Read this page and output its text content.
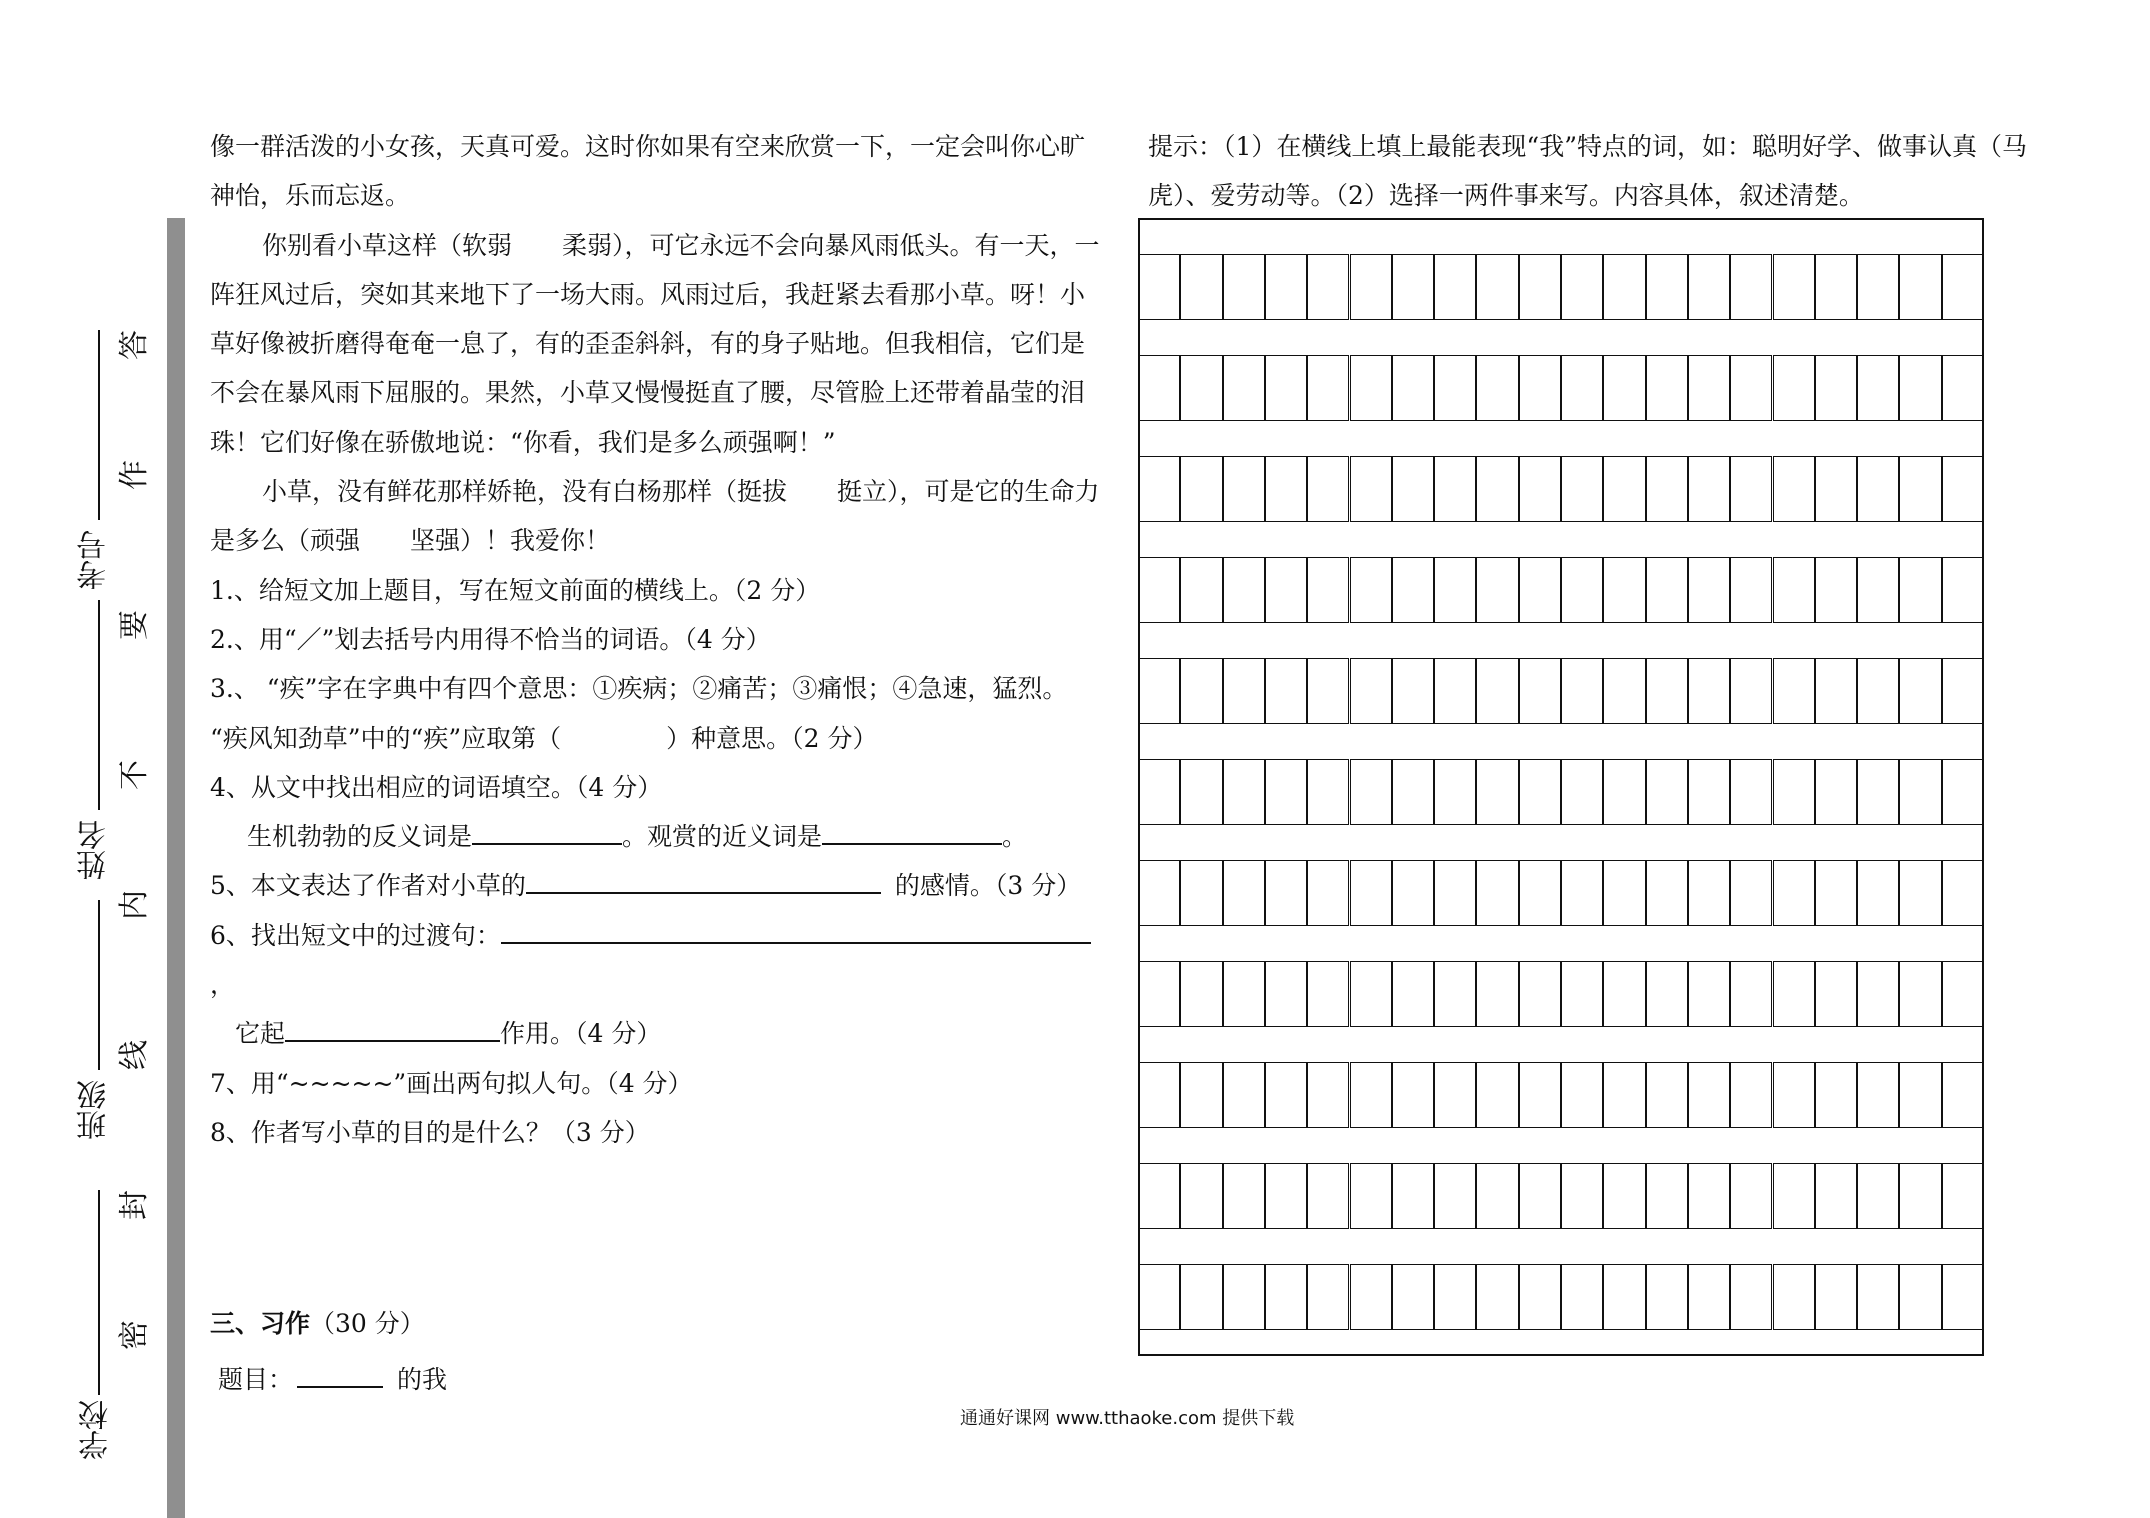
学校
班级
姓名
考号
答
作
要
不
内
线
封
密

像一群活泼的小女孩，天真可爱。这时你如果有空来欣赏一下，一定会叫你心旷

神怡，乐而忘返。

你别看小草这样（软弱　　柔弱），可它永远不会向暴风雨低头。有一天，一

阵狂风过后，突如其来地下了一场大雨。风雨过后，我赶紧去看那小草。呀！小

草好像被折磨得奄奄一息了，有的歪歪斜斜，有的身子贴地。但我相信，它们是

不会在暴风雨下屈服的。果然，小草又慢慢挺直了腰，尽管脸上还带着晶莹的泪

珠！它们好像在骄傲地说：“你看，我们是多么顽强啊！”

小草，没有鲜花那样娇艳，没有白杨那样（挺拔　　挺立），可是它的生命力

是多么（顽强　　坚强）！我爱你！

1.、给短文加上题目，写在短文前面的横线上。（2 分）

2.、用“／”划去括号内用得不恰当的词语。（4 分）

3.、 “疾”字在字典中有四个意思：①疾病；②痛苦；③痛恨；④急速，猛烈。

“疾风知劲草”中的“疾”应取第（	）种意思。（2 分）

4、从文中找出相应的词语填空。（4 分）

生机勃勃的反义词是	。观赏的近义词是	。

5、本文表达了作者对小草的	的感情。（3 分）

6、找出短文中的过渡句：，

它起	作用。（4 分）

7、用“~~~~~”画出两句拟人句。（4 分）

8、作者写小草的目的是什么？（3 分）

三、习作（30 分）
题目：	的我

提示：（1）在横线上填上最能表现“我”特点的词，如：聪明好学、做事认真（马

虎）、爱劳动等。（2）选择一两件事来写。内容具体，叙述清楚。

通通好课网 www.tthaoke.com 提供下载
